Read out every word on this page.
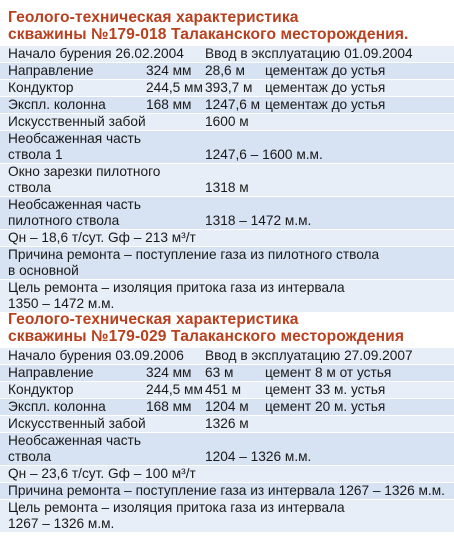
Геолого-техническая характеристика
скважины №179-018 Талаканского месторождения.
Начало бурения 26.02.2004 Ввод в эксплуатацию 01.09.2004
Направление	324 мм 28,6 м цементаж до устья
Кондуктор	244,5 мм 393,7 м цементаж до устья
Экспл. колонна	168 мм 1247,6 м цементаж до устья
Искусственный забой	1600 м
Необсаженная часть
ствола 1	1247,6 – 1600 м.м.
Окно зарезки пилотного
ствола	1318 м
Необсаженная часть
пилотного ствола	1318 – 1472 м.м.
Qн – 18,6 т/сут. Gф – 213 м³/т
Причина ремонта – поступление газа из пилотного ствола
в основной
Цель ремонта – изоляция притока газа из интервала
1350 – 1472 м.м.
Геолого-техническая характеристика
скважины №179-029 Талаканского месторождения
Начало бурения 03.09.2006 Ввод в эксплуатацию 27.09.2007
Направление	324 мм 63 м цемент 8 м от устья
Кондуктор	244,5 мм 451 м цемент 33 м. устья
Экспл. колонна	168 мм 1204 м цемент 20 м. устья
Искусственный забой	1326 м
Необсаженная часть
ствола	1204 – 1326 м.м.
Qн – 23,6 т/сут. Gф – 100 м³/т
Причина ремонта – поступление газа из интервала 1267 – 1326 м.м.
Цель ремонта – изоляция притока газа из интервала
1267 – 1326 м.м.
